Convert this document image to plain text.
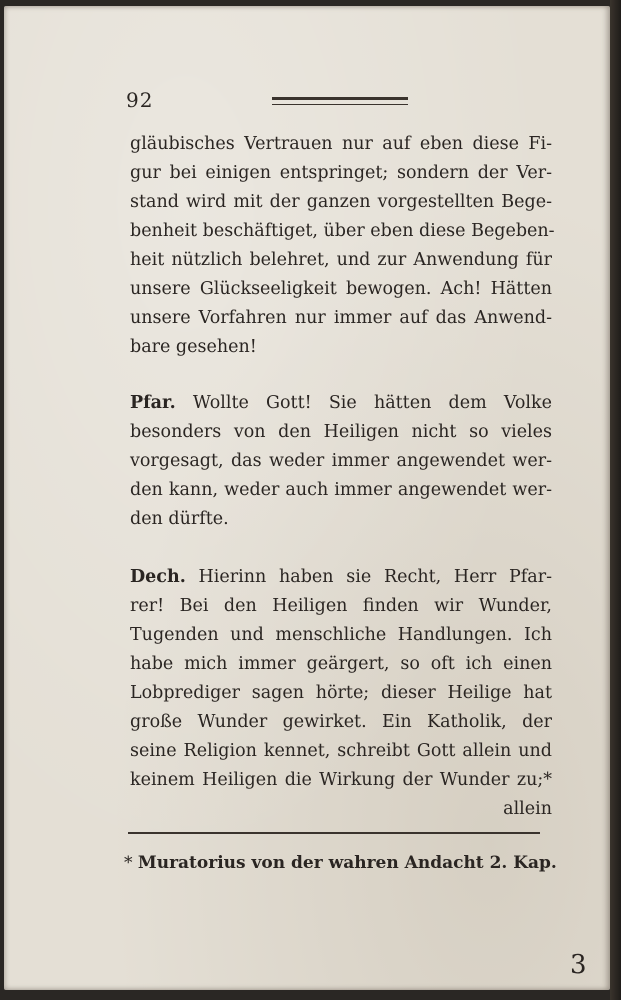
92
gläubisches Vertrauen nur auf eben diese Fi-
gur bei einigen entspringet; sondern der Ver-
stand wird mit der ganzen vorgestellten Bege-
benheit beschäftiget, über eben diese Begeben-
heit nützlich belehret, und zur Anwendung für
unsere Glückseeligkeit bewogen. Ach! Hätten
unsere Vorfahren nur immer auf das Anwend-
bare gesehen!
Pfar. Wollte Gott! Sie hätten dem Volke
besonders von den Heiligen nicht so vieles
vorgesagt, das weder immer angewendet wer-
den kann, weder auch immer angewendet wer-
den dürfte.
Dech. Hierinn haben sie Recht, Herr Pfar-
rer! Bei den Heiligen finden wir Wunder,
Tugenden und menschliche Handlungen. Ich
habe mich immer geärgert, so oft ich einen
Lobprediger sagen hörte; dieser Heilige hat
große Wunder gewirket. Ein Katholik, der
seine Religion kennet, schreibt Gott allein und
keinem Heiligen die Wirkung der Wunder zu;*
allein
* Muratorius von der wahren Andacht 2. Kap.
3
